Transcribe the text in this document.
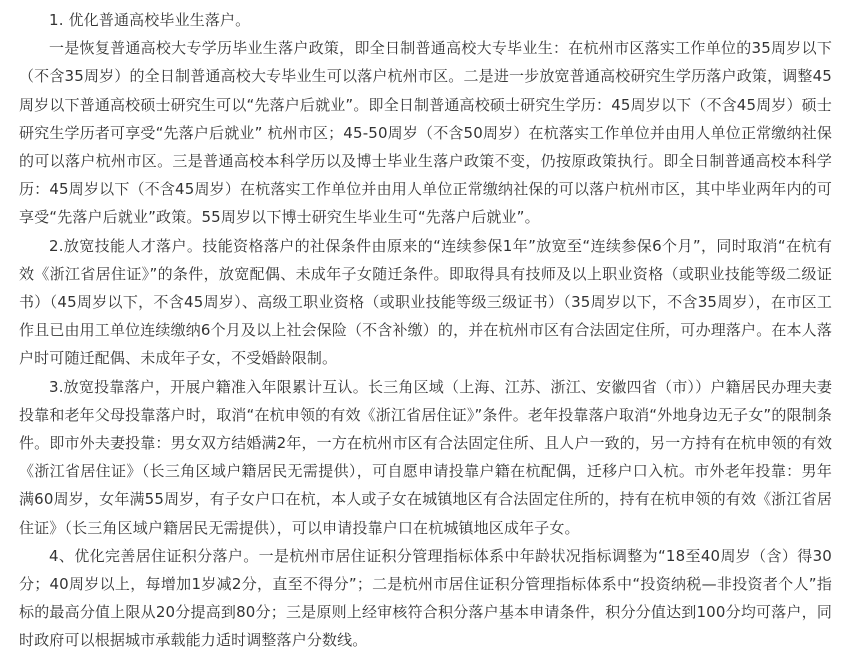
1. 优化普通高校毕业生落户。

一是恢复普通高校大专学历毕业生落户政策，即全日制普通高校大专毕业生：在杭州市区落实工作单位的35周岁以下（不含35周岁）的全日制普通高校大专毕业生可以落户杭州市区。二是进一步放宽普通高校研究生学历落户政策，调整45周岁以下普通高校硕士研究生可以“先落户后就业”。即全日制普通高校硕士研究生学历：45周岁以下（不含45周岁）硕士研究生学历者可享受“先落户后就业” 杭州市区；45-50周岁（不含50周岁）在杭落实工作单位并由用人单位正常缴纳社保的可以落户杭州市区。三是普通高校本科学历以及博士毕业生落户政策不变，仍按原政策执行。即全日制普通高校本科学历：45周岁以下（不含45周岁）在杭落实工作单位并由用人单位正常缴纳社保的可以落户杭州市区，其中毕业两年内的可享受“先落户后就业”政策。55周岁以下博士研究生毕业生可“先落户后就业”。

2.放宽技能人才落户。技能资格落户的社保条件由原来的“连续参保1年”放宽至“连续参保6个月”，同时取消“在杭有效《浙江省居住证》”的条件，放宽配偶、未成年子女随迁条件。即取得具有技师及以上职业资格（或职业技能等级二级证书）（45周岁以下，不含45周岁）、高级工职业资格（或职业技能等级三级证书）（35周岁以下，不含35周岁），在市区工作且已由用工单位连续缴纳6个月及以上社会保险（不含补缴）的，并在杭州市区有合法固定住所，可办理落户。在本人落户时可随迁配偶、未成年子女，不受婚龄限制。

3.放宽投靠落户，开展户籍准入年限累计互认。长三角区域（上海、江苏、浙江、安徽四省（市））户籍居民办理夫妻投靠和老年父母投靠落户时，取消“在杭申领的有效《浙江省居住证》”条件。老年投靠落户取消“外地身边无子女”的限制条件。即市外夫妻投靠：男女双方结婚满2年，一方在杭州市区有合法固定住所、且人户一致的，另一方持有在杭申领的有效《浙江省居住证》（长三角区域户籍居民无需提供），可自愿申请投靠户籍在杭配偶，迁移户口入杭。市外老年投靠：男年满60周岁，女年满55周岁，有子女户口在杭，本人或子女在城镇地区有合法固定住所的，持有在杭申领的有效《浙江省居住证》（长三角区域户籍居民无需提供），可以申请投靠户口在杭城镇地区成年子女。

4、优化完善居住证积分落户。一是杭州市居住证积分管理指标体系中年龄状况指标调整为“18至40周岁（含）得30分；40周岁以上，每增加1岁减2分，直至不得分”；二是杭州市居住证积分管理指标体系中“投资纳税—非投资者个人”指标的最高分值上限从20分提高到80分；三是原则上经审核符合积分落户基本申请条件，积分分值达到100分均可落户，同时政府可以根据城市承载能力适时调整落户分数线。
